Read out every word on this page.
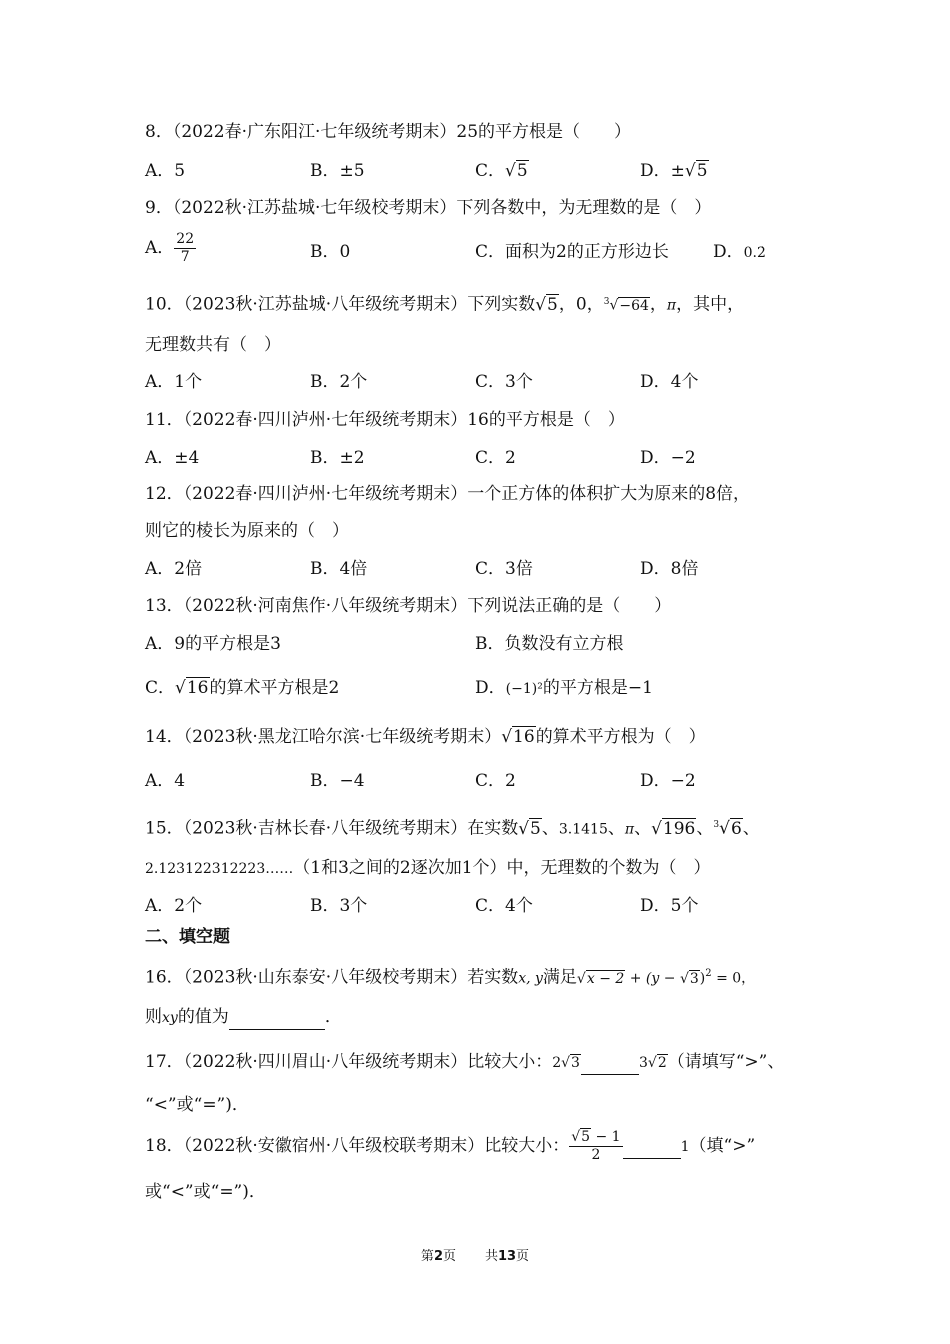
8．（2022春·广东阳江·七年级统考期末）25的平方根是（　　）
A．5	B．±5	C．√5	D．±√5
9．（2022秋·江苏盐城·七年级校考期末）下列各数中，为无理数的是（　）
A． $\frac{22}{7}$	B．0	C．面积为2的正方形边长	D．0.2̇
10．（2023秋·江苏盐城·八年级统考期末）下列实数√5，0，$^3$√−64，π，其中，
无理数共有（　）
A．1个	B．2个	C．3个	D．4个
11．（2022春·四川泸州·七年级统考期末）16的平方根是（　）
A．±4	B．±2	C．2	D．−2
12．（2022春·四川泸州·七年级统考期末）一个正方体的体积扩大为原来的8倍，
则它的棱长为原来的（　）
A．2倍	B．4倍	C．3倍	D．8倍
13．（2022秋·河南焦作·八年级统考期末）下列说法正确的是（　　）
A．9的平方根是3	B．负数没有立方根
C．√16的算术平方根是2	D．(−1)²的平方根是−1
14．（2023秋·黑龙江哈尔滨·七年级统考期末）√16的算术平方根为（　）
A．4	B．−4	C．2	D．−2
15．（2023秋·吉林长春·八年级统考期末）在实数√5、3.1415、π、√196、$^3$√6、
2.123122312223……（1和3之间的2逐次加1个）中，无理数的个数为（　）
A．2个	B．3个	C．4个	D．5个
二、填空题
16．（2023秋·山东泰安·八年级校考期末）若实数x, y满足$√x - 2 + (y - √3)^2 = 0$，
则xy的值为	．
17．（2022秋·四川眉山·八年级统考期末）比较大小：2√3	3√2（请填写“>”、
“<”或“=”)．
18．（2022秋·安徽宿州·八年级校联考期末）比较大小： $\frac{√5 - 1}{2}$	1（填“>”
或“<”或“=”)．
第2页 共13页
